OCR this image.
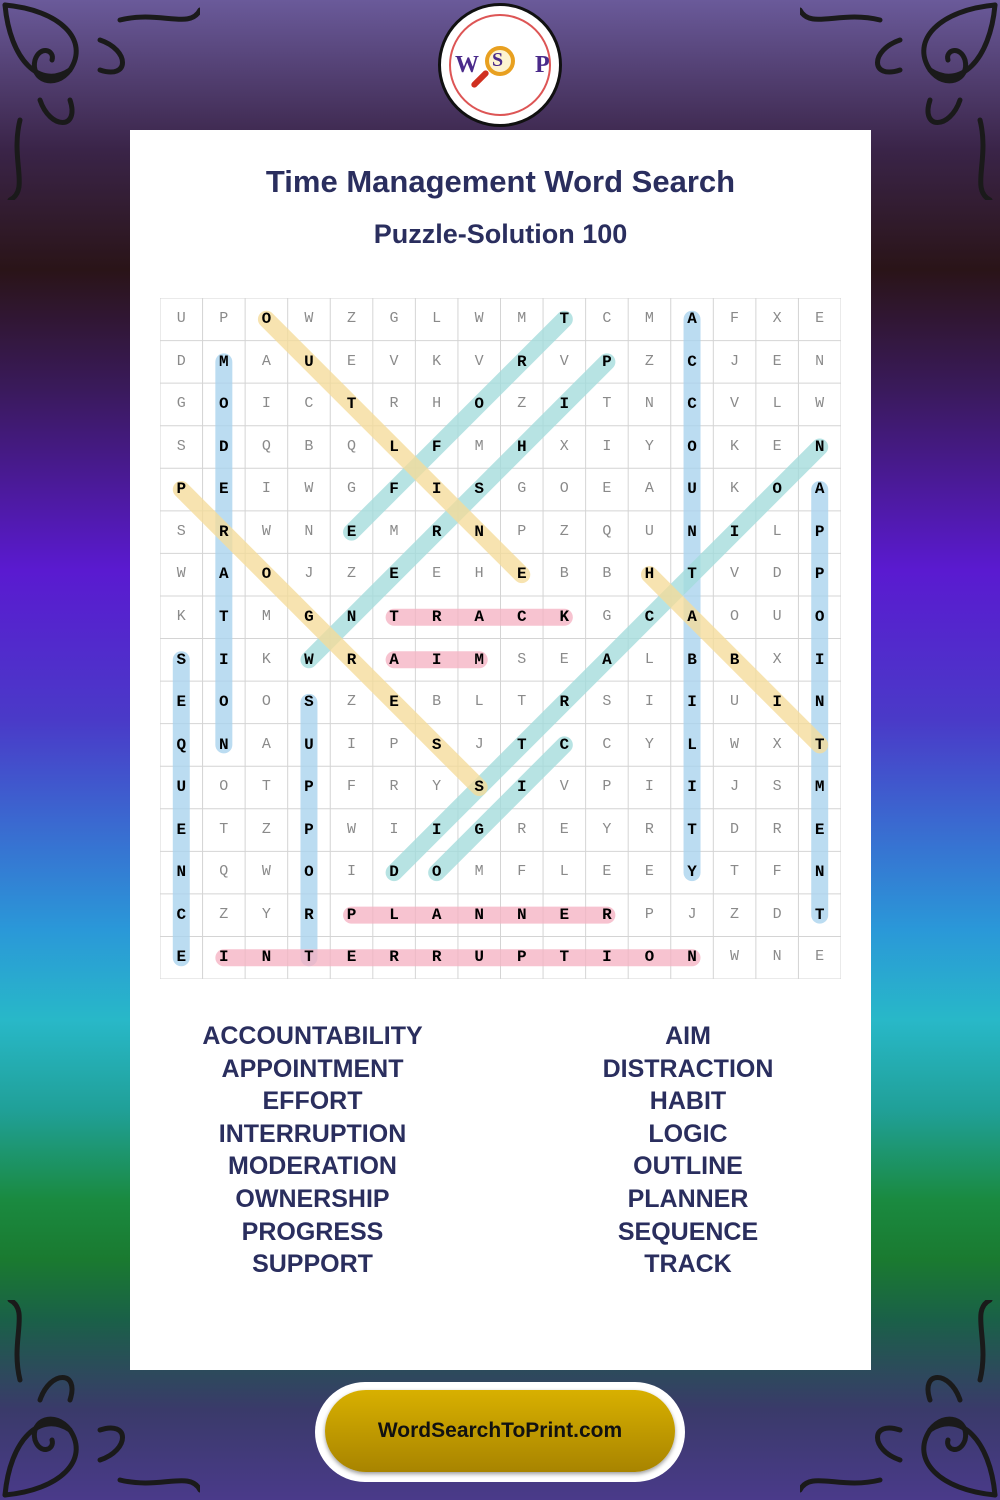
W S P
Time Management Word Search
Puzzle-Solution 100
U	P	O	W	Z	G	L	W	M	T	C	M	A	F	X	E
D	M	A	U	E	V	K	V	R	V	P	Z	C	J	E	N
G	O	I	C	T	R	H	O	Z	I	T	N	C	V	L	W
S	D	Q	B	Q	L	F	M	H	X	I	Y	O	K	E	N
P	E	I	W	G	F	I	S	G	O	E	A	U	K	O	A
S	R	W	N	E	M	R	N	P	Z	Q	U	N	I	L	P
W	A	O	J	Z	E	E	H	E	B	B	H	T	V	D	P
K	T	M	G	N	T	R	A	C	K	G	C	A	O	U	O
S	I	K	W	R	A	I	M	S	E	A	L	B	B	X	I
E	O	O	S	Z	E	B	L	T	R	S	I	I	U	I	N
Q	N	A	U	I	P	S	J	T	C	C	Y	L	W	X	T
U	O	T	P	F	R	Y	S	I	V	P	I	I	J	S	M
E	T	Z	P	W	I	I	G	R	E	Y	R	T	D	R	E
N	Q	W	O	I	D	O	M	F	L	E	E	Y	T	F	N
C	Z	Y	R	P	L	A	N	N	E	R	P	J	Z	D	T
E	I	N	T	E	R	R	U	P	T	I	O	N	W	N	E
ACCOUNTABILITY
APPOINTMENT
EFFORT
INTERRUPTION
MODERATION
OWNERSHIP
PROGRESS
SUPPORT
AIM
DISTRACTION
HABIT
LOGIC
OUTLINE
PLANNER
SEQUENCE
TRACK
WordSearchToPrint.com
